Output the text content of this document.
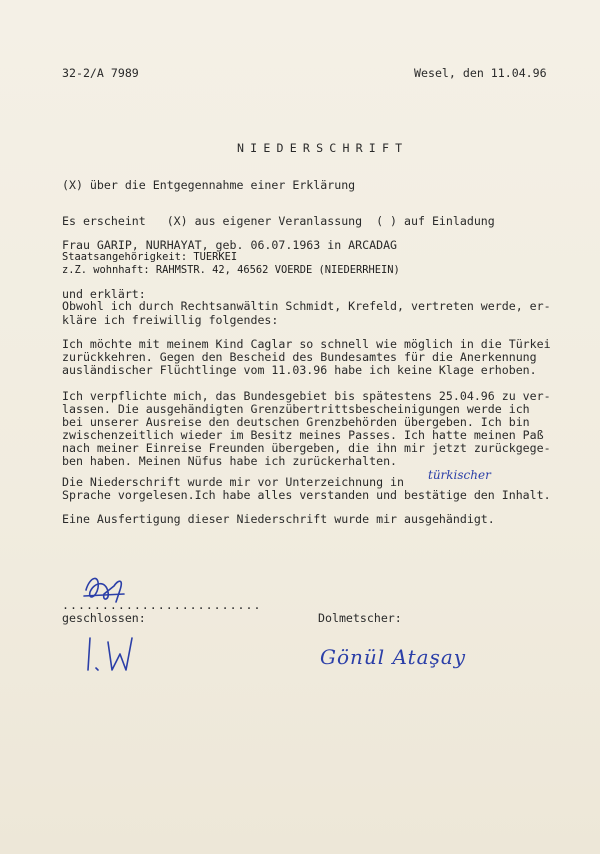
32-2/A 7989	Wesel, den 11.04.96
NIEDERSCHRIFT
(X) über die Entgegennahme einer Erklärung
Es erscheint   (X) aus eigener Veranlassung  ( ) auf Einladung
Frau GARIP, NURHAYAT, geb. 06.07.1963 in ARCADAG
Staatsangehörigkeit: TUERKEI
z.Z. wohnhaft: RAHMSTR. 42, 46562 VOERDE (NIEDERRHEIN)
und erklärt:
Obwohl ich durch Rechtsanwältin Schmidt, Krefeld, vertreten werde, er-
kläre ich freiwillig folgendes:
Ich möchte mit meinem Kind Caglar so schnell wie möglich in die Türkei
zurückkehren. Gegen den Bescheid des Bundesamtes für die Anerkennung
ausländischer Flüchtlinge vom 11.03.96 habe ich keine Klage erhoben.
Ich verpflichte mich, das Bundesgebiet bis spätestens 25.04.96 zu ver-
lassen. Die ausgehändigten Grenzübertrittsbescheinigungen werde ich
bei unserer Ausreise den deutschen Grenzbehörden übergeben. Ich bin
zwischenzeitlich wieder im Besitz meines Passes. Ich hatte meinen Paß
nach meiner Einreise Freunden übergeben, die ihn mir jetzt zurückgege-
ben haben. Meinen Nüfus habe ich zurückerhalten.
Die Niederschrift wurde mir vor Unterzeichnung in türkischer
Sprache vorgelesen.Ich habe alles verstanden und bestätige den Inhalt.
Eine Ausfertigung dieser Niederschrift wurde mir ausgehändigt.
.........................
geschlossen:	Dolmetscher:
Gönül Ataşay
